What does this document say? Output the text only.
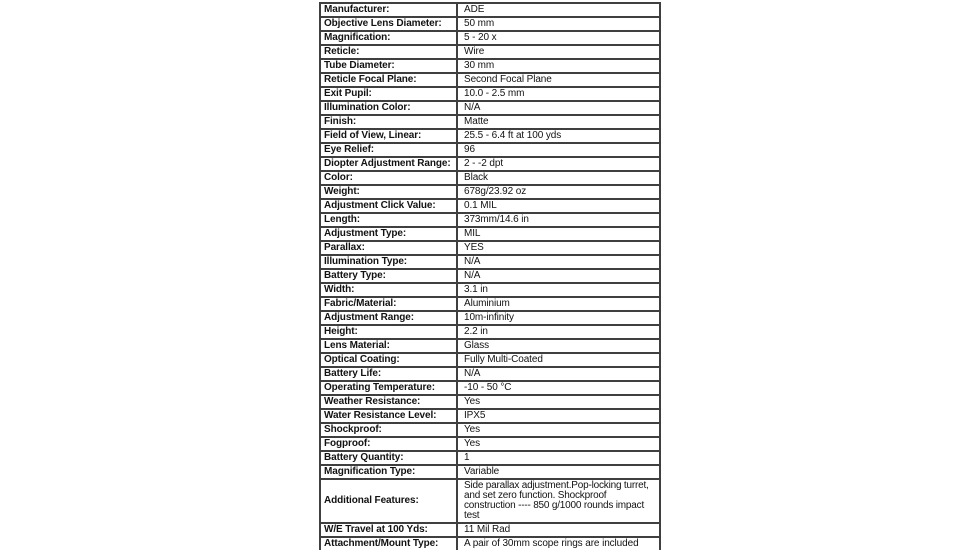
Manufacturer:	ADE
Objective Lens Diameter:	50 mm
Magnification:	5 - 20 x
Reticle:	Wire
Tube Diameter:	30 mm
Reticle Focal Plane:	Second Focal Plane
Exit Pupil:	10.0 - 2.5 mm
Illumination Color:	N/A
Finish:	Matte
Field of View, Linear:	25.5 - 6.4 ft at 100 yds
Eye Relief:	96
Diopter Adjustment Range:	2 - -2 dpt
Color:	Black
Weight:	678g/23.92 oz
Adjustment Click Value:	0.1 MIL
Length:	373mm/14.6 in
Adjustment Type:	MIL
Parallax:	YES
Illumination Type:	N/A
Battery Type:	N/A
Width:	3.1 in
Fabric/Material:	Aluminium
Adjustment Range:	10m-infinity
Height:	2.2 in
Lens Material:	Glass
Optical Coating:	Fully Multi-Coated
Battery Life:	N/A
Operating Temperature:	-10 - 50 °C
Weather Resistance:	Yes
Water Resistance Level:	IPX5
Shockproof:	Yes
Fogproof:	Yes
Battery Quantity:	1
Magnification Type:	Variable
Additional Features:	Side parallax adjustment.Pop-locking turret, and set zero function. Shockproof construction ---- 850 g/1000 rounds impact test
W/E Travel at 100 Yds:	11 Mil Rad
Attachment/Mount Type:	A pair of 30mm scope rings are included
